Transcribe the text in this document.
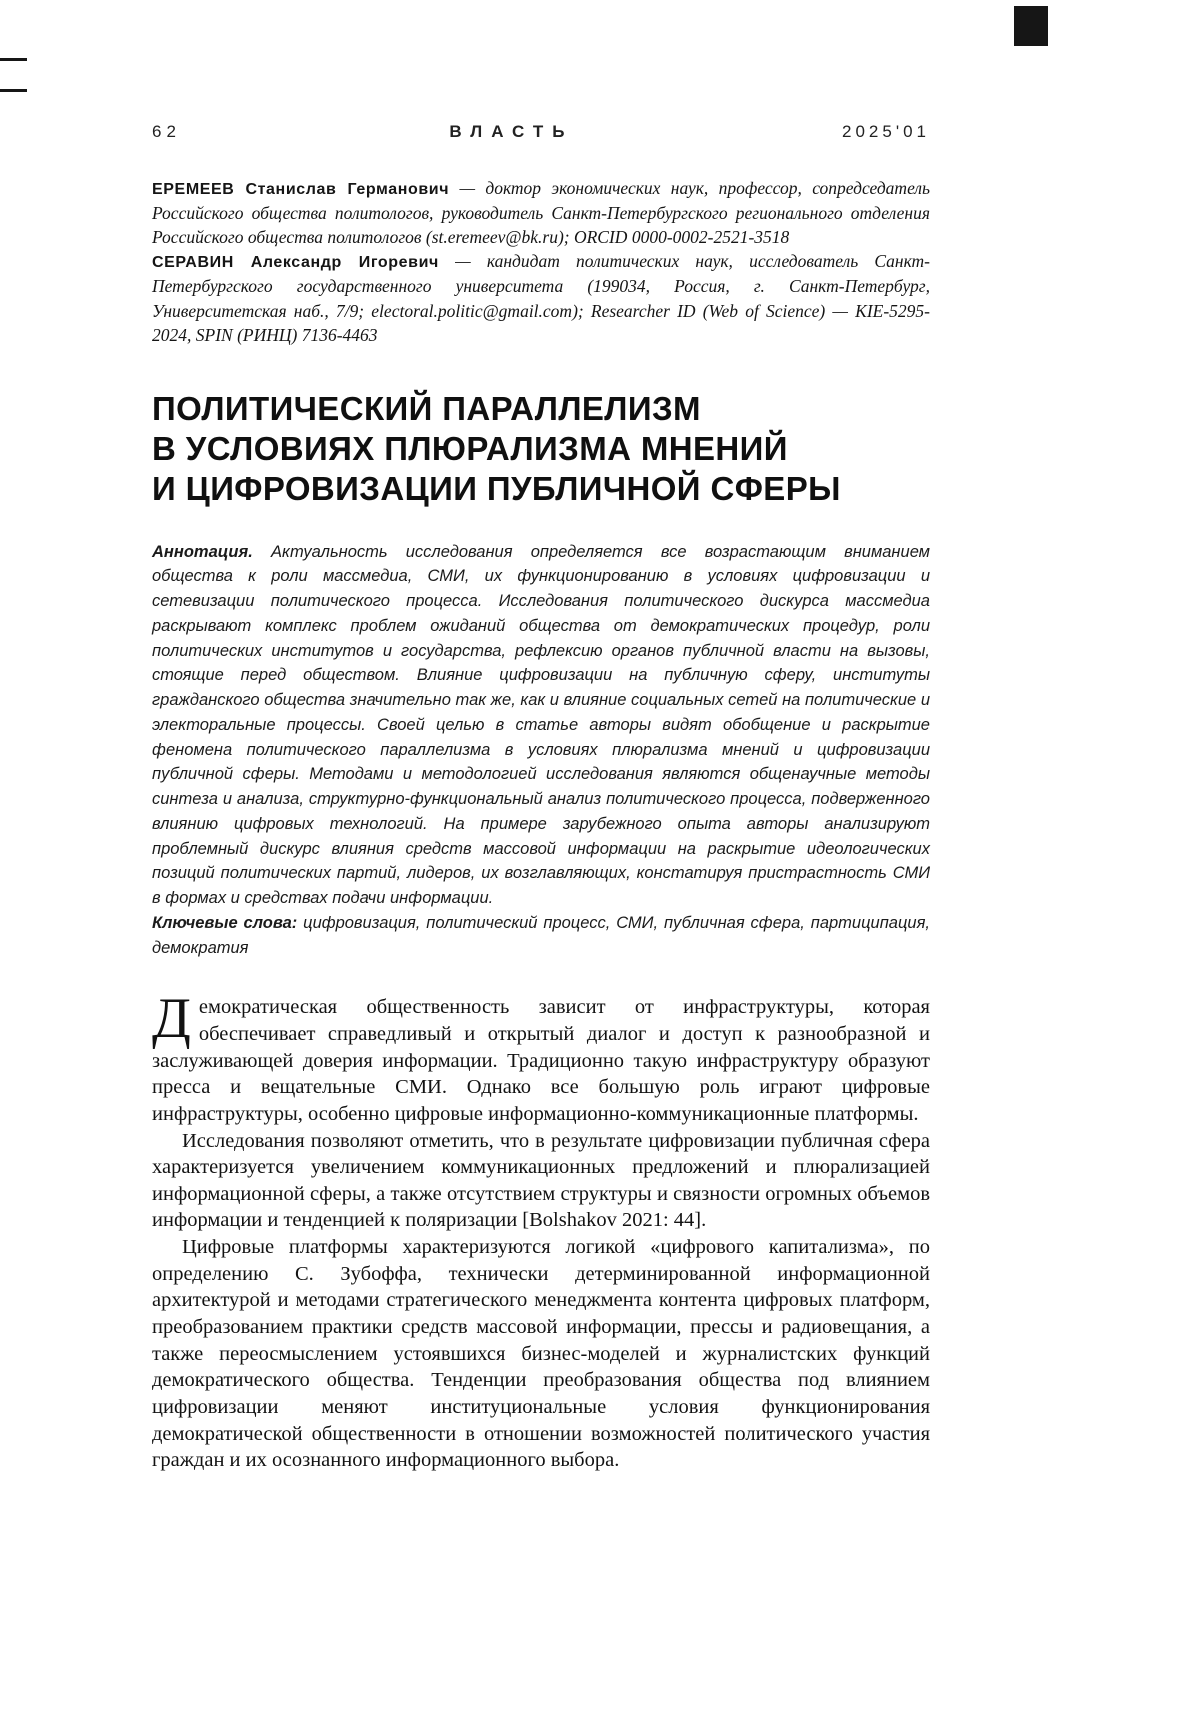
62	ВЛАСТЬ	2025'01

ЕРЕМЕЕВ Станислав Германович — доктор экономических наук, профессор, сопредседатель Российского общества политологов, руководитель Санкт-Петербургского регионального отделения Российского общества политологов (st.eremeev@bk.ru); ORCID 0000-0002-2521-3518

СЕРАВИН Александр Игоревич — кандидат политических наук, исследователь Санкт-Петербургского государственного университета (199034, Россия, г. Санкт-Петербург, Университетская наб., 7/9; electoral.politic@gmail.com); Researcher ID (Web of Science) — KIE-5295-2024, SPIN (РИНЦ) 7136-4463

ПОЛИТИЧЕСКИЙ ПАРАЛЛЕЛИЗМ
В УСЛОВИЯХ ПЛЮРАЛИЗМА МНЕНИЙ
И ЦИФРОВИЗАЦИИ ПУБЛИЧНОЙ СФЕРЫ

Аннотация. Актуальность исследования определяется все возрастающим вниманием общества к роли массмедиа, СМИ, их функционированию в условиях цифровизации и сетевизации политического процесса. Исследования политического дискурса массмедиа раскрывают комплекс проблем ожиданий общества от демократических процедур, роли политических институтов и государства, рефлексию органов публичной власти на вызовы, стоящие перед обществом. Влияние цифровизации на публичную сферу, институты гражданского общества значительно так же, как и влияние социальных сетей на политические и электоральные процессы. Своей целью в статье авторы видят обобщение и раскрытие феномена политического параллелизма в условиях плюрализма мнений и цифровизации публичной сферы. Методами и методологией исследования являются общенаучные методы синтеза и анализа, структурно-функциональный анализ политического процесса, подверженного влиянию цифровых технологий. На примере зарубежного опыта авторы анализируют проблемный дискурс влияния средств массовой информации на раскрытие идеологических позиций политических партий, лидеров, их возглавляющих, констатируя пристрастность СМИ в формах и средствах подачи информации.

Ключевые слова: цифровизация, политический процесс, СМИ, публичная сфера, партиципация, демократия

Демократическая общественность зависит от инфраструктуры, которая обеспечивает справедливый и открытый диалог и доступ к разнообразной и заслуживающей доверия информации. Традиционно такую инфраструктуру образуют пресса и вещательные СМИ. Однако все большую роль играют цифровые инфраструктуры, особенно цифровые информационно-коммуникационные платформы.

Исследования позволяют отметить, что в результате цифровизации публичная сфера характеризуется увеличением коммуникационных предложений и плюрализацией информационной сферы, а также отсутствием структуры и связности огромных объемов информации и тенденцией к поляризации [Bolshakov 2021: 44].

Цифровые платформы характеризуются логикой «цифрового капитализма», по определению С. Зубоффа, технически детерминированной информационной архитектурой и методами стратегического менеджмента контента цифровых платформ, преобразованием практики средств массовой информации, прессы и радиовещания, а также переосмыслением устоявшихся бизнес-моделей и журналистских функций демократического общества. Тенденции преобразования общества под влиянием цифровизации меняют институциональные условия функционирования демократической общественности в отношении возможностей политического участия граждан и их осознанного информационного выбора.
